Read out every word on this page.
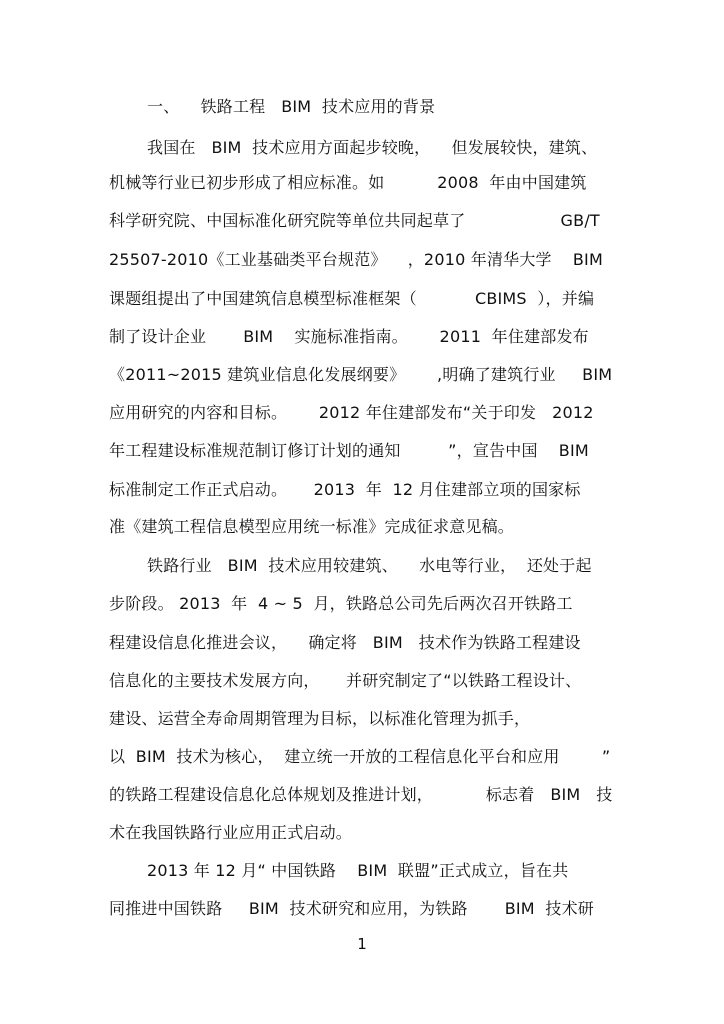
一、    铁路工程   BIM  技术应用的背景

我国在   BIM  技术应用方面起步较晚，    但发展较快，建筑、

机械等行业已初步形成了相应标准。如          2008  年由中国建筑

科学研究院、中国标准化研究院等单位共同起草了                  GB/T

25507-2010《工业基础类平台规范》    ，2010 年清华大学    BIM

课题组提出了中国建筑信息模型标准框架（           CBIMS  ），并编

制了设计企业       BIM    实施标准指南。      2011  年住建部发布

《2011~2015 建筑业信息化发展纲要》      ,明确了建筑行业     BIM

应用研究的内容和目标。      2012 年住建部发布“关于印发   2012

年工程建设标准规范制订修订计划的通知         ”，宣告中国    BIM

标准制定工作正式启动。     2013  年  12 月住建部立项的国家标

准《建筑工程信息模型应用统一标准》完成征求意见稿。

铁路行业   BIM  技术应用较建筑、    水电等行业，  还处于起

步阶段。 2013  年  4 ~ 5  月，铁路总公司先后两次召开铁路工

程建设信息化推进会议，    确定将   BIM   技术作为铁路工程建设

信息化的主要技术发展方向，     并研究制定了“以铁路工程设计、

建设、运营全寿命周期管理为目标，以标准化管理为抓手，

以  BIM  技术为核心，  建立统一开放的工程信息化平台和应用        ”

的铁路工程建设信息化总体规划及推进计划，          标志着   BIM   技

术在我国铁路行业应用正式启动。

2013 年 12 月“ 中国铁路    BIM  联盟”正式成立，旨在共

同推进中国铁路     BIM  技术研究和应用，为铁路       BIM  技术研

1
